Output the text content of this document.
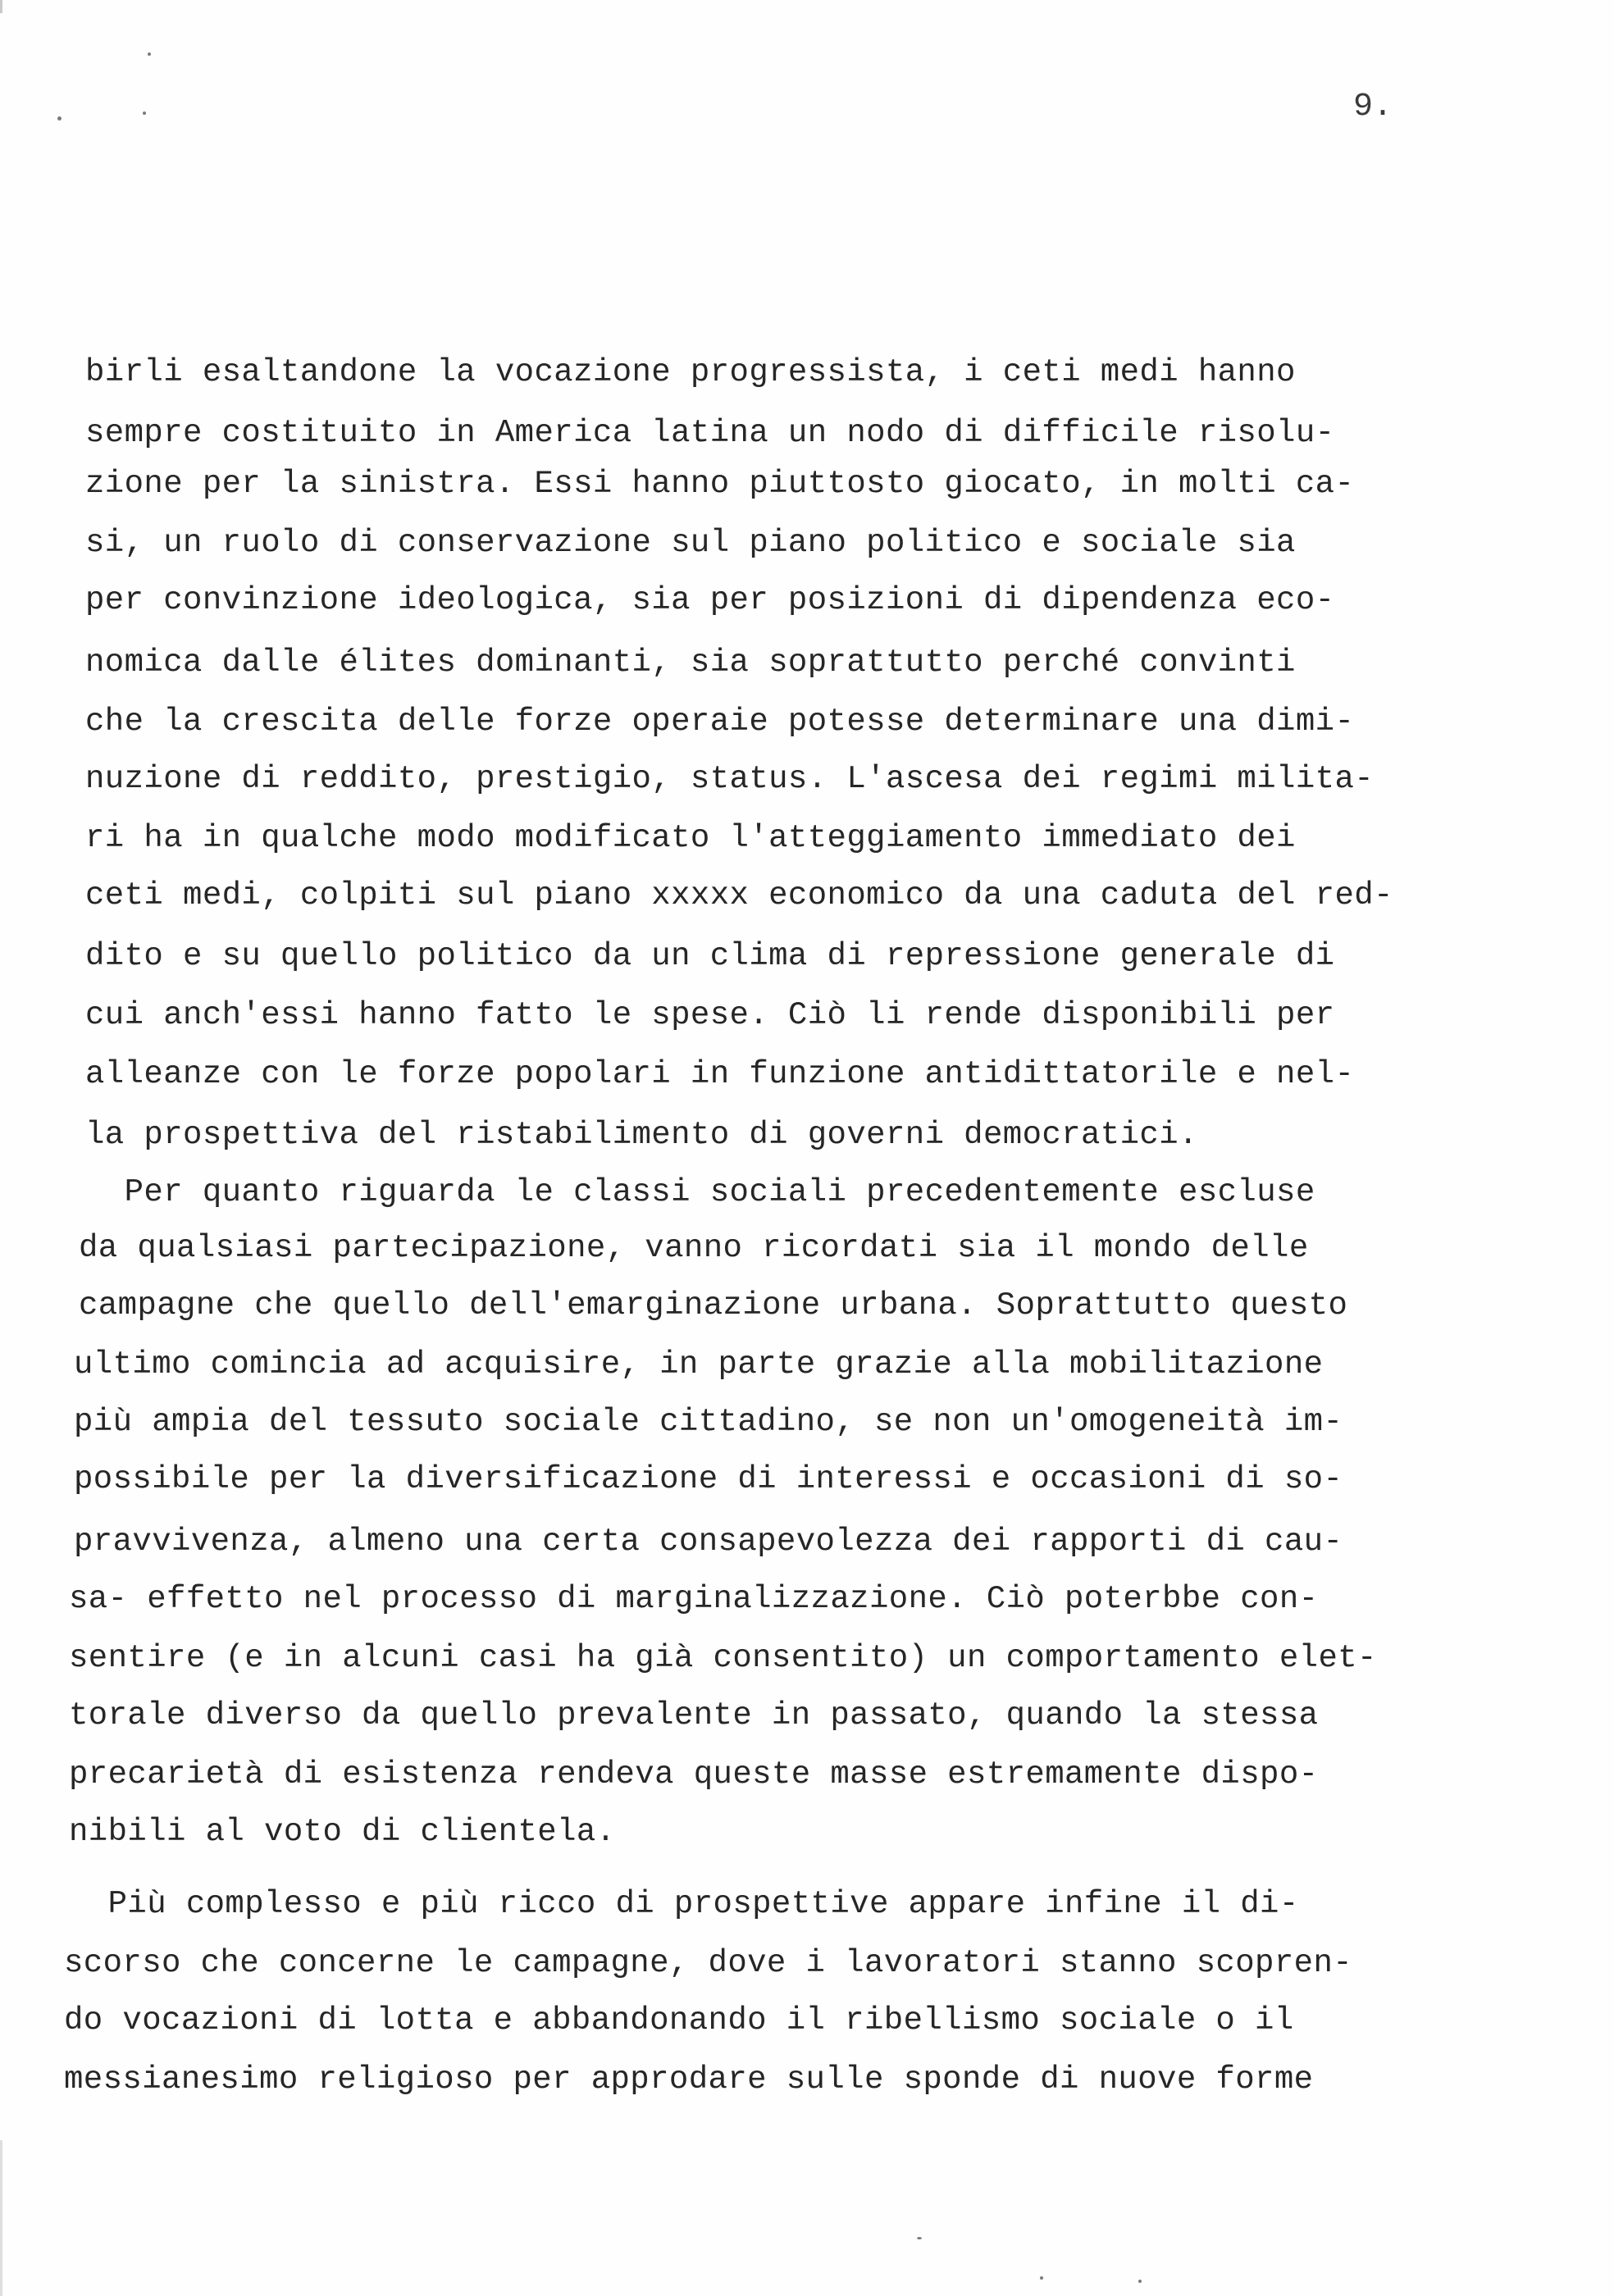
9.
birli esaltandone la vocazione progressista, i ceti medi hanno
sempre costituito in America latina un nodo di difficile risolu-
zione per la sinistra. Essi hanno piuttosto giocato, in molti ca-
si, un ruolo di conservazione sul piano politico e sociale sia
per convinzione ideologica, sia per posizioni di dipendenza eco-
nomica dalle élites dominanti, sia soprattutto perché convinti
che la crescita delle forze operaie potesse determinare una dimi-
nuzione di reddito, prestigio, status. L'ascesa dei regimi militа-
ri ha in qualche modo modificato l'atteggiamento immediato dei
ceti medi, colpiti sul piano xxxxx economico da una caduta del red-
dito e su quello politico da un clima di repressione generale di
cui anch'essi hanno fatto le spese. Ciò li rende disponibili per
alleanze con le forze popolari in funzione antidittatorile e nel-
la prospettiva del ristabilimento di governi democratici.
Per quanto riguarda le classi sociali precedentemente escluse
da qualsiasi partecipazione, vanno ricordati sia il mondo delle
campagne che quello dell'emarginazione urbana. Soprattutto questo
ultimo comincia ad acquisire, in parte grazie alla mobilitazione
più ampia del tessuto sociale cittadino, se non un'omogeneità im-
possibile per la diversificazione di interessi e occasioni di so-
pravvivenza, almeno una certa consapevolezza dei rapporti di cau-
sa- effetto nel processo di marginalizzazione. Ciò poterbbe con-
sentire (e in alcuni casi ha già consentito) un comportamento elet-
torale diverso da quello prevalente in passato, quando la stessa
precarietà di esistenza rendeva queste masse estremamente dispo-
nibili al voto di clientela.
Più complesso e più ricco di prospettive appare infine il di-
scorso che concerne le campagne, dove i lavoratori stanno scopren-
do vocazioni di lotta e abbandonando il ribellismo sociale o il
messianesimo religioso per approdare sulle sponde di nuove forme
